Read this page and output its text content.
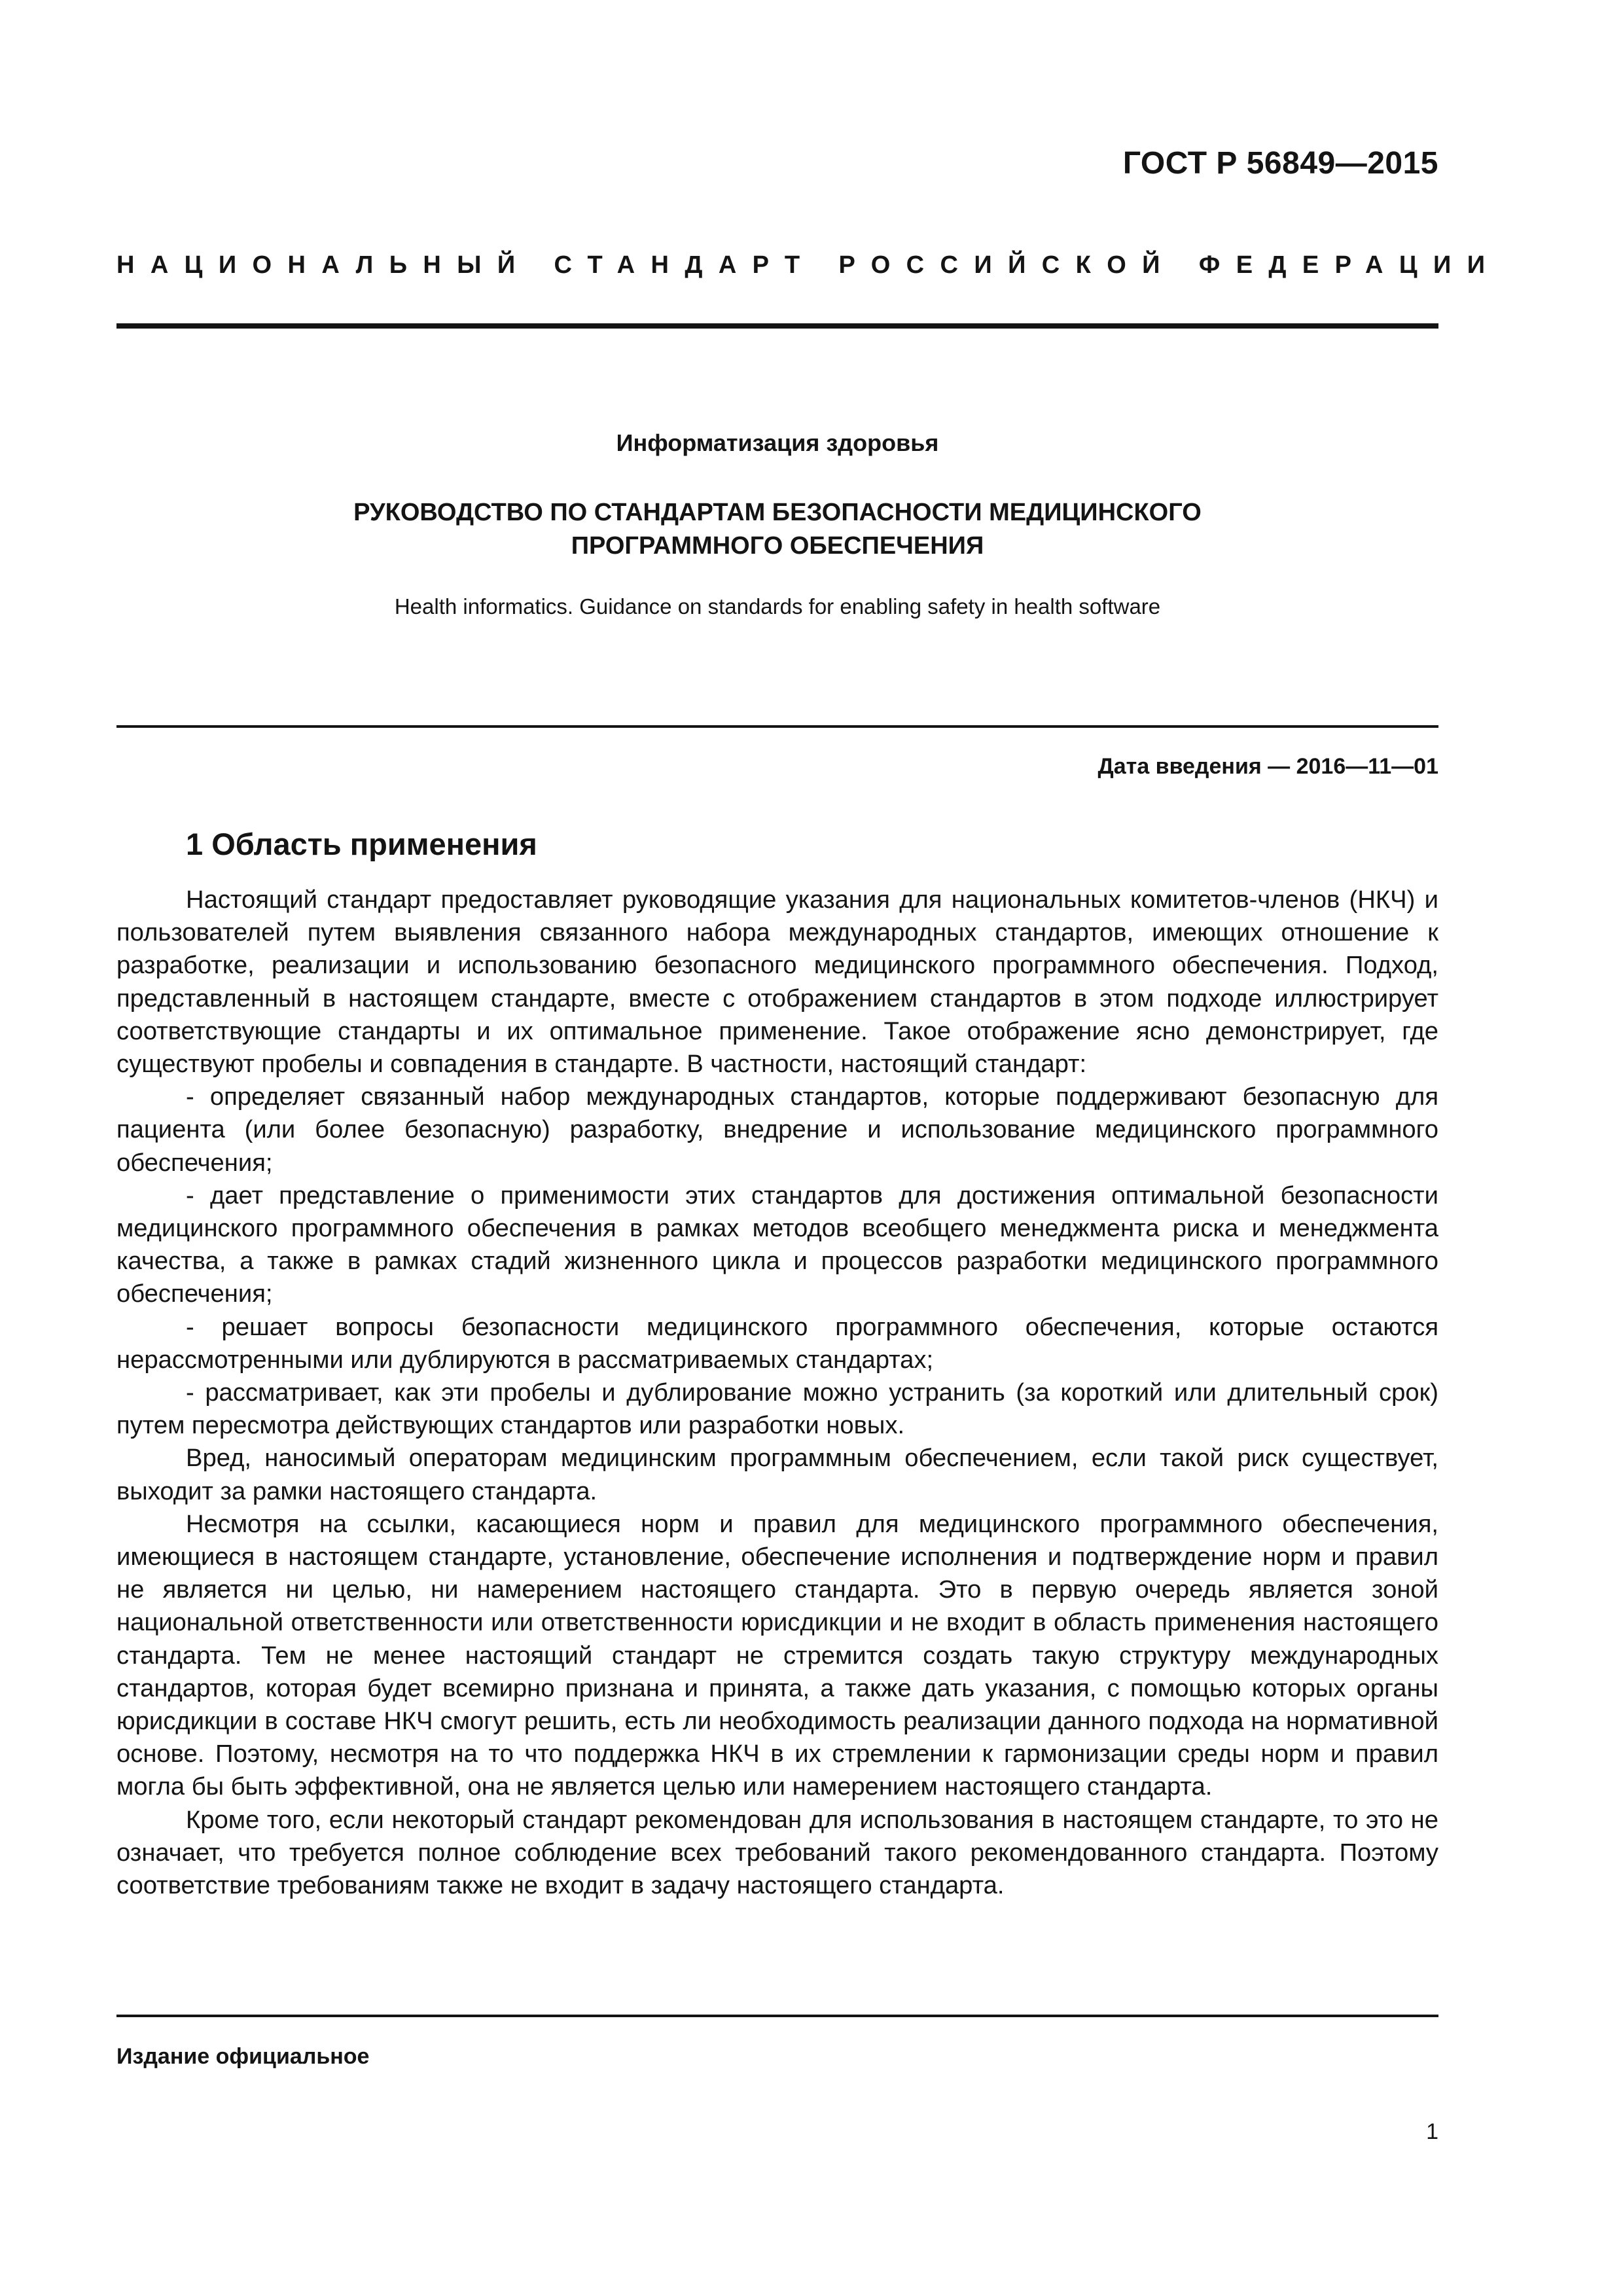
ГОСТ Р 56849—2015
НАЦИОНАЛЬНЫЙ СТАНДАРТ РОССИЙСКОЙ ФЕДЕРАЦИИ
Информатизация здоровья
РУКОВОДСТВО ПО СТАНДАРТАМ БЕЗОПАСНОСТИ МЕДИЦИНСКОГО
ПРОГРАММНОГО ОБЕСПЕЧЕНИЯ
Health informatics. Guidance on standards for enabling safety in health software
Дата введения — 2016—11—01
1 Область применения

Настоящий стандарт предоставляет руководящие указания для национальных комитетов-членов (НКЧ) и пользователей путем выявления связанного набора международных стандартов, имеющих отношение к разработке, реализации и использованию безопасного медицинского программного обеспечения. Подход, представленный в настоящем стандарте, вместе с отображением стандартов в этом подходе иллюстрирует соответствующие стандарты и их оптимальное применение. Такое отображение ясно демонстрирует, где существуют пробелы и совпадения в стандарте. В частности, настоящий стандарт:

- определяет связанный набор международных стандартов, которые поддерживают безопасную для пациента (или более безопасную) разработку, внедрение и использование медицинского программного обеспечения;

- дает представление о применимости этих стандартов для достижения оптимальной безопасности медицинского программного обеспечения в рамках методов всеобщего менеджмента риска и менеджмента качества, а также в рамках стадий жизненного цикла и процессов разработки медицинского программного обеспечения;

- решает вопросы безопасности медицинского программного обеспечения, которые остаются нерассмотренными или дублируются в рассматриваемых стандартах;

- рассматривает, как эти пробелы и дублирование можно устранить (за короткий или длительный срок) путем пересмотра действующих стандартов или разработки новых.

Вред, наносимый операторам медицинским программным обеспечением, если такой риск существует, выходит за рамки настоящего стандарта.

Несмотря на ссылки, касающиеся норм и правил для медицинского программного обеспечения, имеющиеся в настоящем стандарте, установление, обеспечение исполнения и подтверждение норм и правил не является ни целью, ни намерением настоящего стандарта. Это в первую очередь является зоной национальной ответственности или ответственности юрисдикции и не входит в область применения настоящего стандарта. Тем не менее настоящий стандарт не стремится создать такую структуру международных стандартов, которая будет всемирно признана и принята, а также дать указания, с помощью которых органы юрисдикции в составе НКЧ смогут решить, есть ли необходимость реализации данного подхода на нормативной основе. Поэтому, несмотря на то что поддержка НКЧ в их стремлении к гармонизации среды норм и правил могла бы быть эффективной, она не является целью или намерением настоящего стандарта.

Кроме того, если некоторый стандарт рекомендован для использования в настоящем стандарте, то это не означает, что требуется полное соблюдение всех требований такого рекомендованного стандарта. Поэтому соответствие требованиям также не входит в задачу настоящего стандарта.

Издание официальное
1
